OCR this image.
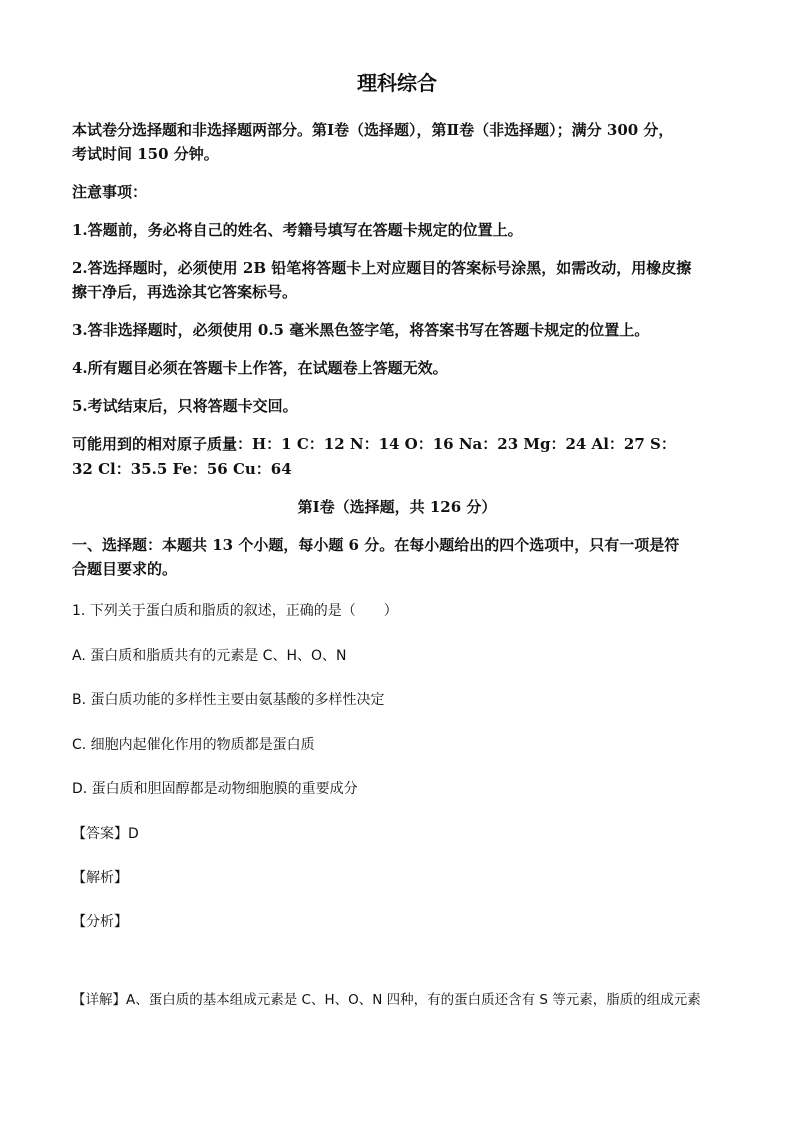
理科综合
本试卷分选择题和非选择题两部分。第Ⅰ卷（选择题），第Ⅱ卷（非选择题）；满分 300 分，
考试时间 150 分钟。
注意事项：
1.答题前，务必将自己的姓名、考籍号填写在答题卡规定的位置上。
2.答选择题时，必须使用 2B 铅笔将答题卡上对应题目的答案标号涂黑，如需改动，用橡皮擦
擦干净后，再选涂其它答案标号。
3.答非选择题时，必须使用 0.5 毫米黑色签字笔，将答案书写在答题卡规定的位置上。
4.所有题目必须在答题卡上作答，在试题卷上答题无效。
5.考试结束后，只将答题卡交回。
可能用到的相对原子质量：H：1 C：12 N：14 O：16 Na：23 Mg：24 Al：27 S：
32 Cl：35.5 Fe：56 Cu：64
第Ⅰ卷（选择题，共 126 分）
一、选择题：本题共 13 个小题，每小题 6 分。在每小题给出的四个选项中，只有一项是符
合题目要求的。
1. 下列关于蛋白质和脂质的叙述，正确的是（　　）
A. 蛋白质和脂质共有的元素是 C、H、O、N
B. 蛋白质功能的多样性主要由氨基酸的多样性决定
C. 细胞内起催化作用的物质都是蛋白质
D. 蛋白质和胆固醇都是动物细胞膜的重要成分
【答案】D
【解析】
【分析】
【详解】A、蛋白质的基本组成元素是 C、H、O、N 四种，有的蛋白质还含有 S 等元素，脂质的组成元素
